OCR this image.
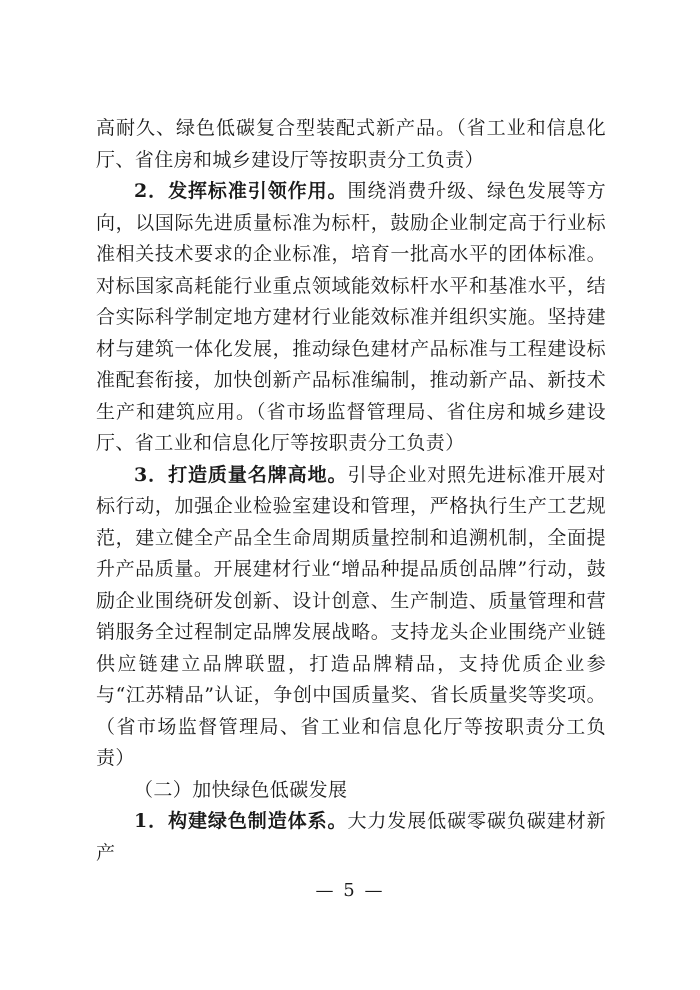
高耐久、绿色低碳复合型装配式新产品。（省工业和信息化厅、省住房和城乡建设厅等按职责分工负责）

2．发挥标准引领作用。围绕消费升级、绿色发展等方向，以国际先进质量标准为标杆，鼓励企业制定高于行业标准相关技术要求的企业标准，培育一批高水平的团体标准。对标国家高耗能行业重点领域能效标杆水平和基准水平，结合实际科学制定地方建材行业能效标准并组织实施。坚持建材与建筑一体化发展，推动绿色建材产品标准与工程建设标准配套衔接，加快创新产品标准编制，推动新产品、新技术生产和建筑应用。（省市场监督管理局、省住房和城乡建设厅、省工业和信息化厅等按职责分工负责）

3．打造质量名牌高地。引导企业对照先进标准开展对标行动，加强企业检验室建设和管理，严格执行生产工艺规范，建立健全产品全生命周期质量控制和追溯机制，全面提升产品质量。开展建材行业“增品种提品质创品牌”行动，鼓励企业围绕研发创新、设计创意、生产制造、质量管理和营销服务全过程制定品牌发展战略。支持龙头企业围绕产业链供应链建立品牌联盟，打造品牌精品，支持优质企业参与“江苏精品”认证，争创中国质量奖、省长质量奖等奖项。（省市场监督管理局、省工业和信息化厅等按职责分工负责）

（二）加快绿色低碳发展

1．构建绿色制造体系。大力发展低碳零碳负碳建材新产

— 5 —
